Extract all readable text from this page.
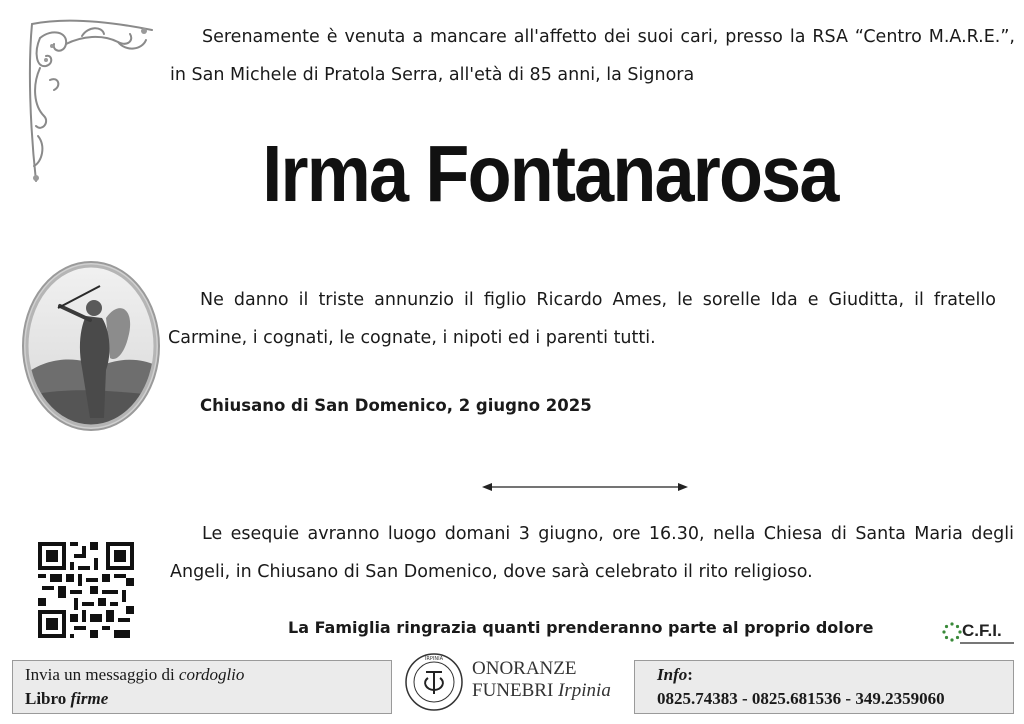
Serenamente è venuta a mancare all'affetto dei suoi cari, presso la RSA “Centro M.A.R.E.”, in San Michele di Pratola Serra, all'età di 85 anni, la Signora

Irma Fontanarosa

Ne danno il triste annunzio il figlio Ricardo Ames, le sorelle Ida e Giuditta, il fratello Carmine, i cognati, le cognate, i nipoti ed i parenti tutti.

Chiusano di San Domenico, 2 giugno 2025

Le esequie avranno luogo domani 3 giugno, ore 16.30, nella Chiesa di Santa Maria degli Angeli, in Chiusano di San Domenico, dove sarà celebrato il rito religioso.

La Famiglia ringrazia quanti prenderanno parte al proprio dolore	C.F.I.
Invia un messaggio di cordoglio
Libro firme
IRPINIA ONORANZE
FUNEBRI Irpinia
Info:
0825.74383 - 0825.681536 - 349.2359060
